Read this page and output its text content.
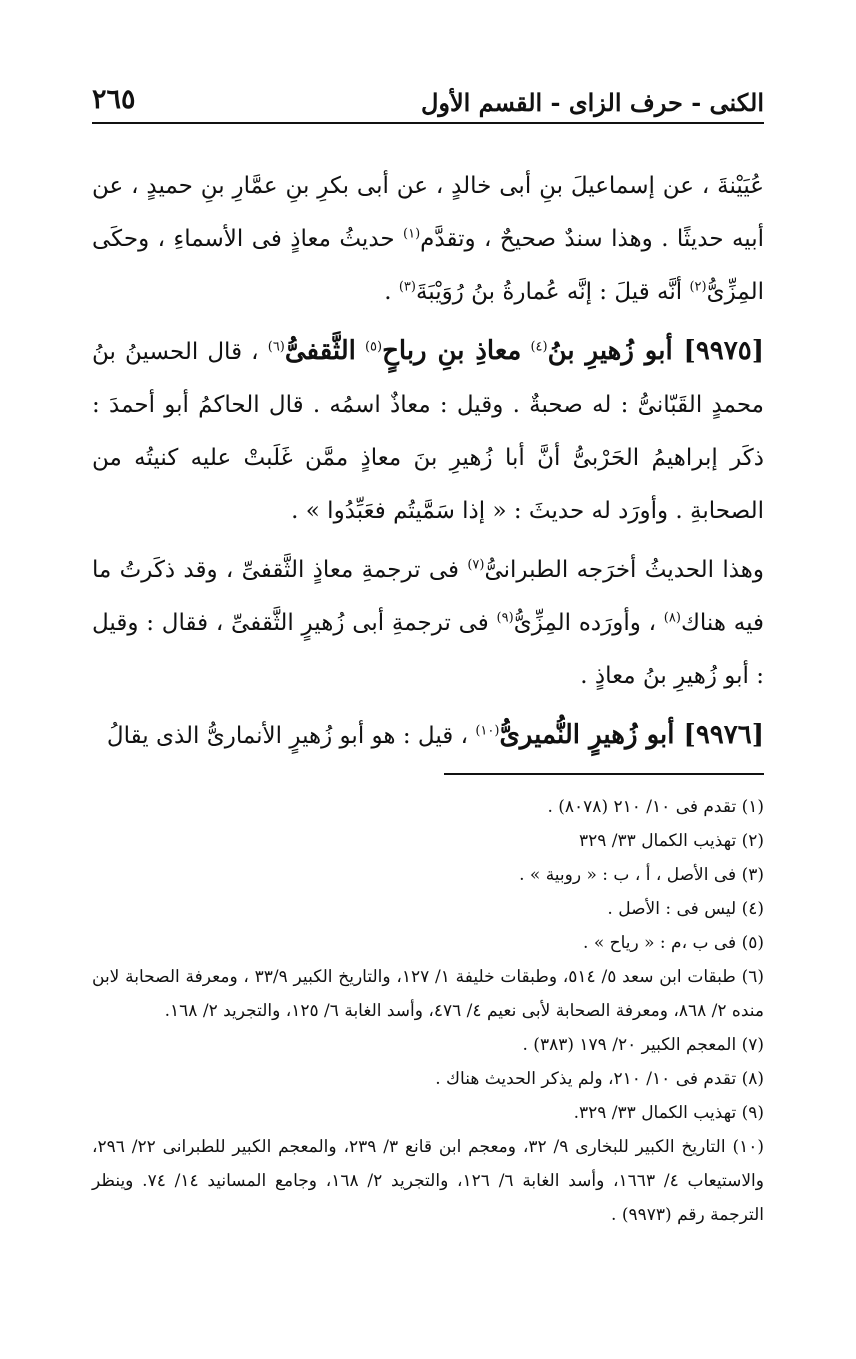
٢٦٥	الكنى - حرف الزاى - القسم الأول

عُيَيْنةَ ، عن إسماعيلَ بنِ أبى خالدٍ ، عن أبى بكرِ بنِ عمَّارِ بنِ حميدٍ ، عن أبيه حديثًا . وهذا سندٌ صحيحٌ ، وتقدَّم$^{(١)}$ حديثُ معاذٍ فى الأسماءِ ، وحكَى المِزِّىُّ$^{(٢)}$ أنَّه قيلَ : إنَّه عُمارةُ بنُ رُوَيْبَةَ$^{(٣)}$ .

[٩٩٧٥] أبو زُهيرِ بنُ$^{(٤)}$ معاذِ بنِ رباحٍ$^{(٥)}$ الثَّقفىُّ$^{(٦)}$ ، قال الحسينُ بنُ محمدٍ القَبّانىُّ : له صحبةٌ . وقيل : معاذٌ اسمُه . قال الحاكمُ أبو أحمدَ : ذكَر إبراهيمُ الحَرْبىُّ أنَّ أبا زُهيرِ بنَ معاذٍ ممَّن غَلَبتْ عليه كنيتُه من الصحابةِ . وأورَد له حديثَ : « إذا سَمَّيتُم فعَبِّدُوا » .

وهذا الحديثُ أخرَجه الطبرانىُّ$^{(٧)}$ فى ترجمةِ معاذٍ الثَّقفىِّ ، وقد ذكَرتُ ما فيه هناك$^{(٨)}$ ، وأورَده المِزِّىُّ$^{(٩)}$ فى ترجمةِ أبى زُهيرٍ الثَّقفىِّ ، فقال : وقيل : أبو زُهيرِ بنُ معاذٍ .

[٩٩٧٦] أبو زُهيرٍ النُّميرىُّ$^{(١٠)}$ ، قيل : هو أبو زُهيرٍ الأنمارىُّ الذى يقالُ

(١) تقدم فى ١٠/ ٢١٠ (٨٠٧٨) .

(٢) تهذيب الكمال ٣٣/ ٣٢٩

(٣) فى الأصل ، أ ، ب : « روبية » .

(٤) ليس فى : الأصل .

(٥) فى ب ،م : « رياح » .

(٦) طبقات ابن سعد ٥/ ٥١٤، وطبقات خليفة ١/ ١٢٧، والتاريخ الكبير ٣٣/٩ ، ومعرفة الصحابة لابن منده ٢/ ٨٦٨، ومعرفة الصحابة لأبى نعيم ٤/ ٤٧٦، وأسد الغابة ٦/ ١٢٥، والتجريد ٢/ ١٦٨.

(٧) المعجم الكبير ٢٠/ ١٧٩ (٣٨٣) .

(٨) تقدم فى ١٠/ ٢١٠، ولم يذكر الحديث هناك .

(٩) تهذيب الكمال ٣٣/ ٣٢٩.

(١٠) التاريخ الكبير للبخارى ٩/ ٣٢، ومعجم ابن قانع ٣/ ٢٣٩، والمعجم الكبير للطبرانى ٢٢/ ٢٩٦، والاستيعاب ٤/ ١٦٦٣، وأسد الغابة ٦/ ١٢٦، والتجريد ٢/ ١٦٨، وجامع المسانيد ١٤/ ٧٤. وينظر الترجمة رقم (٩٩٧٣) .
